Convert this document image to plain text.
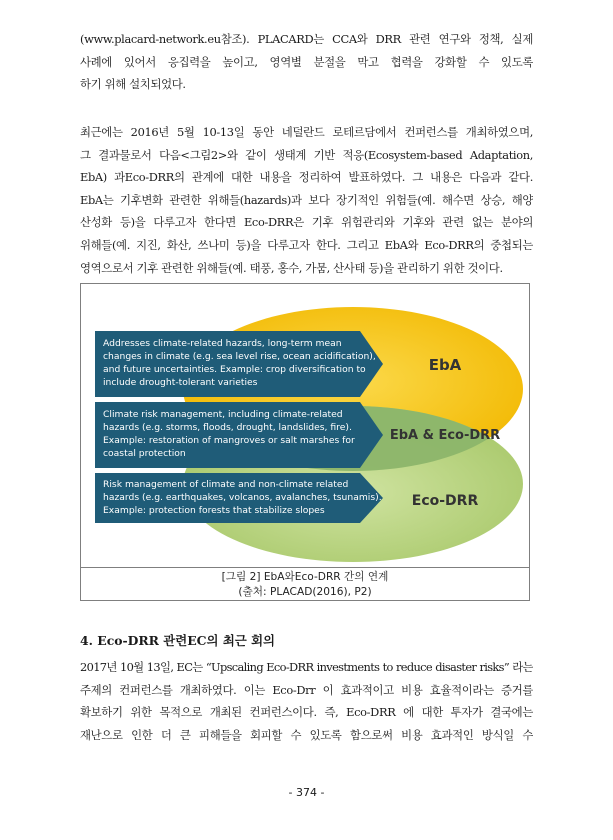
(www.placard-network.eu참조). PLACARD는 CCA와 DRR 관련 연구와 정책, 실제
사례에 있어서 응집력을 높이고, 영역별 분절을 막고 협력을 강화할 수 있도록
하기 위해 설치되었다.
최근에는 2016년 5월 10-13일 동안 네덜란드 로테르담에서 컨퍼런스를 개최하였으며,
그 결과물로서 다음<그림2>와 같이 생태계 기반 적응(Ecosystem-based Adaptation,
EbA) 과Eco-DRR의 관계에 대한 내용을 정리하여 발표하였다. 그 내용은 다음과 같다.
EbA는 기후변화 관련한 위해들(hazards)과 보다 장기적인 위험들(예. 해수면 상승, 해양
산성화 등)을 다루고자 한다면 Eco-DRR은 기후 위험관리와 기후와 관련 없는 분야의
위해들(예. 지진, 화산, 쓰나미 등)을 다루고자 한다. 그리고 EbA와 Eco-DRR의 중첩되는
영역으로서 기후 관련한 위해들(예. 태풍, 홍수, 가뭄, 산사태 등)을 관리하기 위한 것이다.
Addresses climate-related hazards, long-term mean
changes in climate (e.g. sea level rise, ocean acidification),
and future uncertainties. Example: crop diversification to
include drought-tolerant varieties
Climate risk management, including climate-related
hazards (e.g. storms, floods, drought, landslides, fire).
Example: restoration of mangroves or salt marshes for
coastal protection
Risk management of climate and non-climate related
hazards (e.g. earthquakes, volcanos, avalanches, tsunamis).
Example: protection forests that stabilize slopes
EbA
EbA & Eco-DRR
Eco-DRR
[그림 2] EbA와Eco-DRR 간의 연계
(출처: PLACAD(2016), P2)
4. Eco-DRR 관련EC의 최근 회의
2017년 10월 13일, EC는 “Upscaling Eco-DRR investments to reduce disaster risks” 라는
주제의 컨퍼런스를 개최하였다. 이는 Eco-Drr 이 효과적이고 비용 효율적이라는 증거를
확보하기 위한 목적으로 개최된 컨퍼런스이다. 즉, Eco-DRR 에 대한 투자가 결국에는
재난으로 인한 더 큰 피해들을 회피할 수 있도록 함으로써 비용 효과적인 방식일 수
- 374 -
